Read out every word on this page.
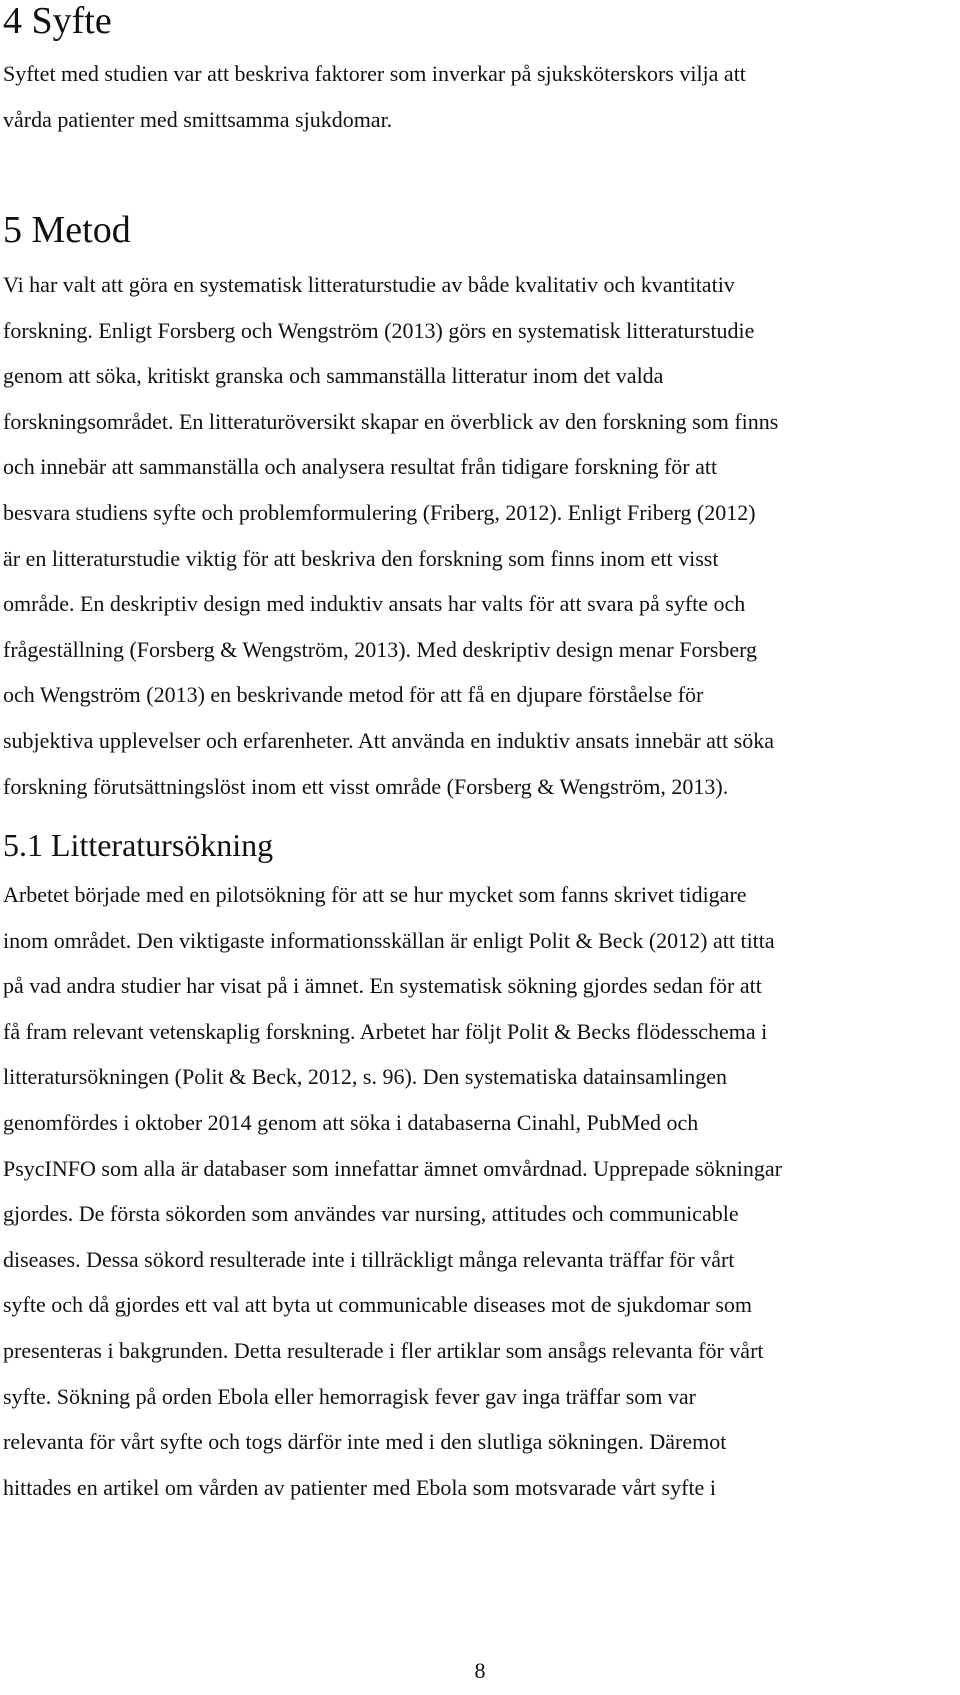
4 Syfte
Syftet med studien var att beskriva faktorer som inverkar på sjuksköterskors vilja att
vårda patienter med smittsamma sjukdomar.
5 Metod
Vi har valt att göra en systematisk litteraturstudie av både kvalitativ och kvantitativ
forskning. Enligt Forsberg och Wengström (2013) görs en systematisk litteraturstudie
genom att söka, kritiskt granska och sammanställa litteratur inom det valda
forskningsområdet. En litteraturöversikt skapar en överblick av den forskning som finns
och innebär att sammanställa och analysera resultat från tidigare forskning för att
besvara studiens syfte och problemformulering (Friberg, 2012). Enligt Friberg (2012)
är en litteraturstudie viktig för att beskriva den forskning som finns inom ett visst
område. En deskriptiv design med induktiv ansats har valts för att svara på syfte och
frågeställning (Forsberg & Wengström, 2013). Med deskriptiv design menar Forsberg
och Wengström (2013) en beskrivande metod för att få en djupare förståelse för
subjektiva upplevelser och erfarenheter. Att använda en induktiv ansats innebär att söka
forskning förutsättningslöst inom ett visst område (Forsberg & Wengström, 2013).
5.1 Litteratursökning
Arbetet började med en pilotsökning för att se hur mycket som fanns skrivet tidigare
inom området. Den viktigaste informationsskällan är enligt Polit & Beck (2012) att titta
på vad andra studier har visat på i ämnet. En systematisk sökning gjordes sedan för att
få fram relevant vetenskaplig forskning. Arbetet har följt Polit & Becks flödesschema i
litteratursökningen (Polit & Beck, 2012, s. 96). Den systematiska datainsamlingen
genomfördes i oktober 2014 genom att söka i databaserna Cinahl, PubMed och
PsycINFO som alla är databaser som innefattar ämnet omvårdnad. Upprepade sökningar
gjordes. De första sökorden som användes var nursing, attitudes och communicable
diseases. Dessa sökord resulterade inte i tillräckligt många relevanta träffar för vårt
syfte och då gjordes ett val att byta ut communicable diseases mot de sjukdomar som
presenteras i bakgrunden. Detta resulterade i fler artiklar som ansågs relevanta för vårt
syfte. Sökning på orden Ebola eller hemorragisk fever gav inga träffar som var
relevanta för vårt syfte och togs därför inte med i den slutliga sökningen. Däremot
hittades en artikel om vården av patienter med Ebola som motsvarade vårt syfte i
8
